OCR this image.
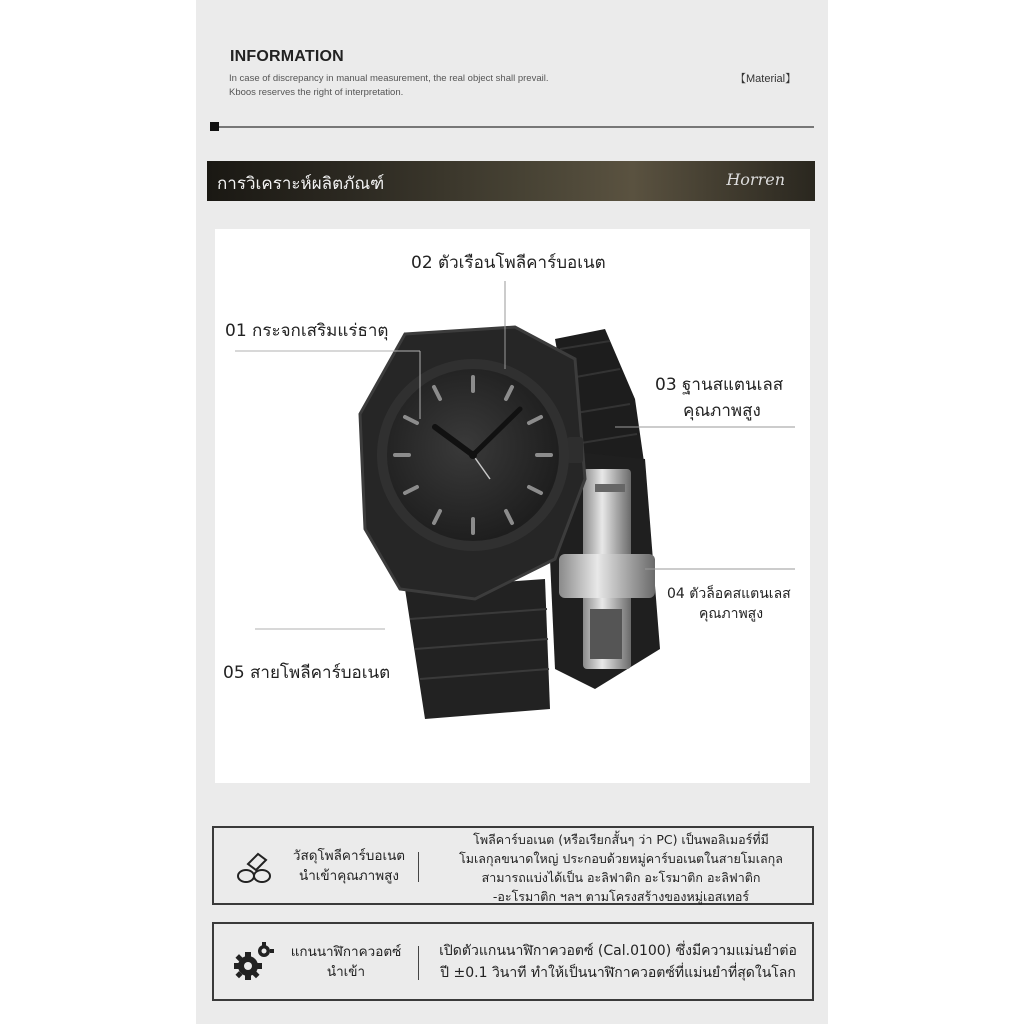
INFORMATION
In case of discrepancy in manual measurement, the real object shall prevail.
Kboos reserves the right of interpretation.
【Material】
การวิเคราะห์ผลิตภัณฑ์	Horren
02 ตัวเรือนโพลีคาร์บอเนต
01 กระจกเสริมแร่ธาตุ
03 ฐานสแตนเลส
คุณภาพสูง
04 ตัวล็อคสแตนเลส
คุณภาพสูง
05 สายโพลีคาร์บอเนต
วัสดุโพลีคาร์บอเนต
นำเข้าคุณภาพสูง
โพลีคาร์บอเนต (หรือเรียกสั้นๆ ว่า PC) เป็นพอลิเมอร์ที่มี
โมเลกุลขนาดใหญ่ ประกอบด้วยหมู่คาร์บอเนตในสายโมเลกุล
สามารถแบ่งได้เป็น อะลิฟาติก อะโรมาติก อะลิฟาติก
-อะโรมาติก ฯลฯ ตามโครงสร้างของหมู่เอสเทอร์
แกนนาฬิกาควอตซ์
นำเข้า
เปิดตัวแกนนาฬิกาควอตซ์ (Cal.0100) ซึ่งมีความแม่นยำต่อ
ปี ±0.1 วินาที ทำให้เป็นนาฬิกาควอตซ์ที่แม่นยำที่สุดในโลก
